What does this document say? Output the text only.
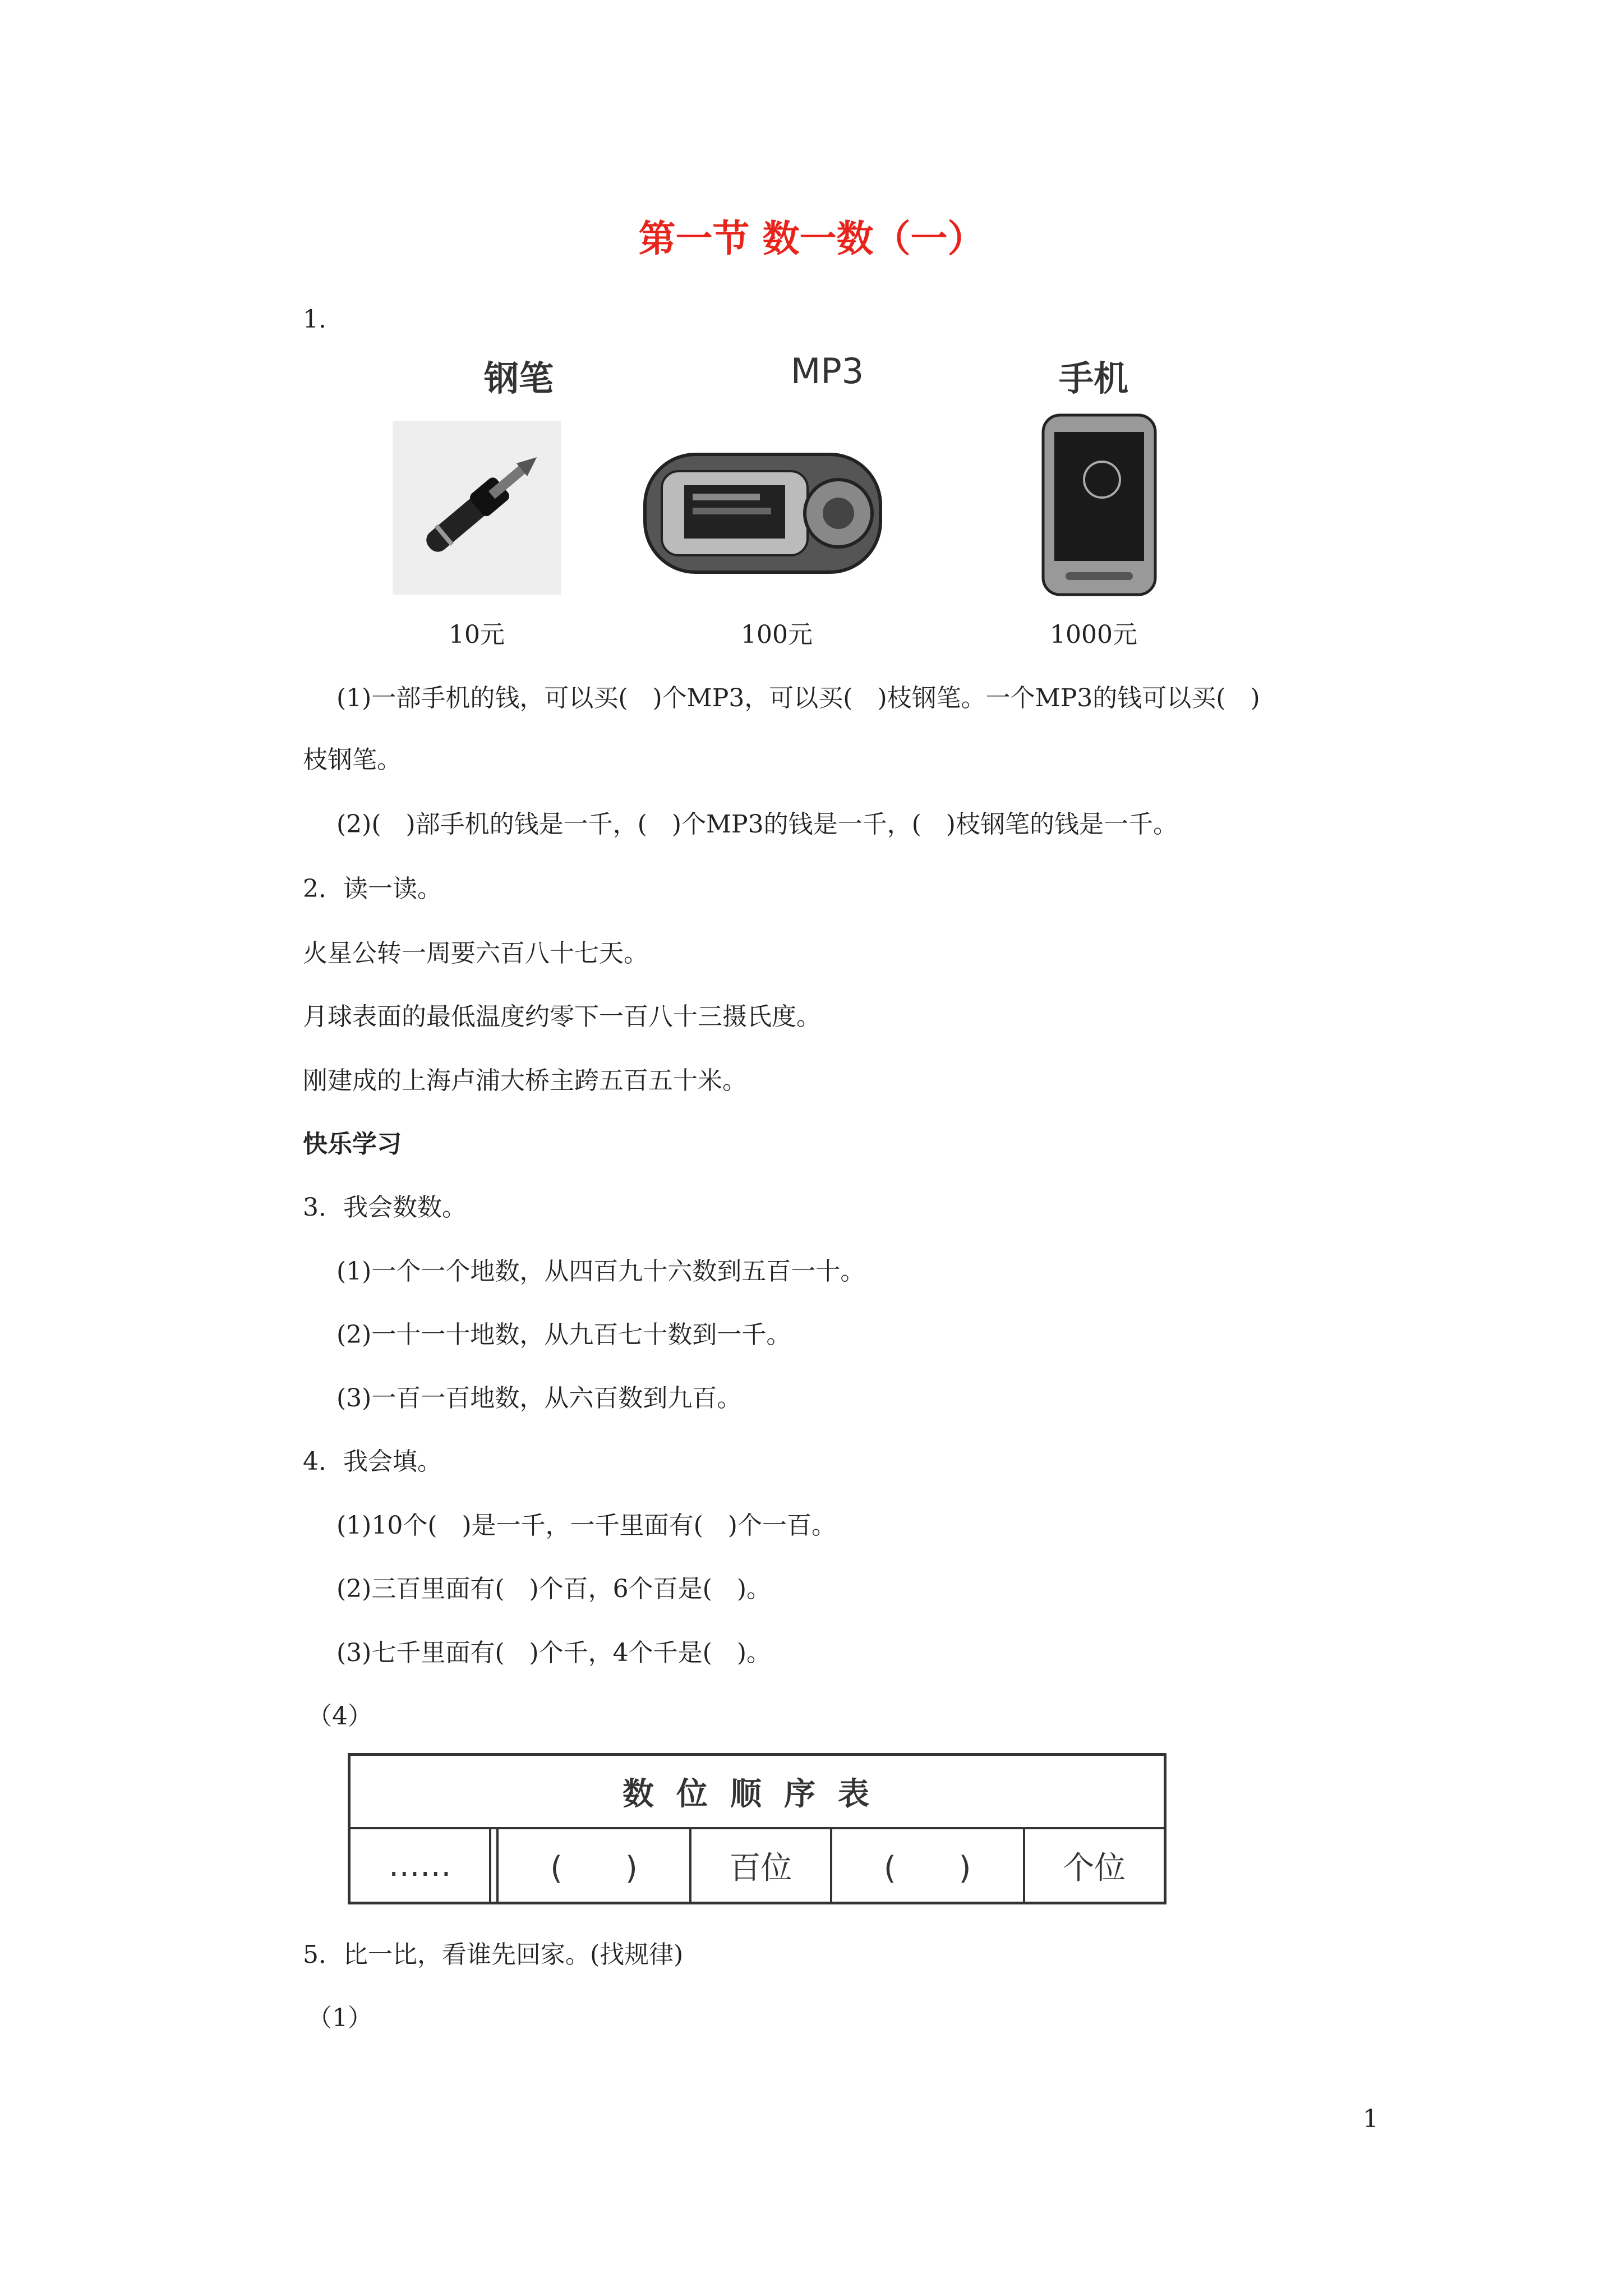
第一节 数一数（一）
1.
钢笔	MP3	手机
10元	100元	1000元
(1)一部手机的钱，可以买(　)个MP3，可以买(　)枝钢笔。一个MP3的钱可以买(　)
枝钢笔。
(2)(　)部手机的钱是一千，(　)个MP3的钱是一千，(　)枝钢笔的钱是一千。
2．读一读。
火星公转一周要六百八十七天。
月球表面的最低温度约零下一百八十三摄氏度。
刚建成的上海卢浦大桥主跨五百五十米。
快乐学习
3．我会数数。
(1)一个一个地数，从四百九十六数到五百一十。
(2)一十一十地数，从九百七十数到一千。
(3)一百一百地数，从六百数到九百。
4．我会填。
(1)10个(　)是一千，一千里面有(　)个一百。
(2)三百里面有(　)个百，6个百是(　)。
(3)七千里面有(　)个千，4个千是(　)。
（4）
数位顺序表
……		(　　)	百位	(　　)	个位
5．比一比，看谁先回家。(找规律)
（1）
1
